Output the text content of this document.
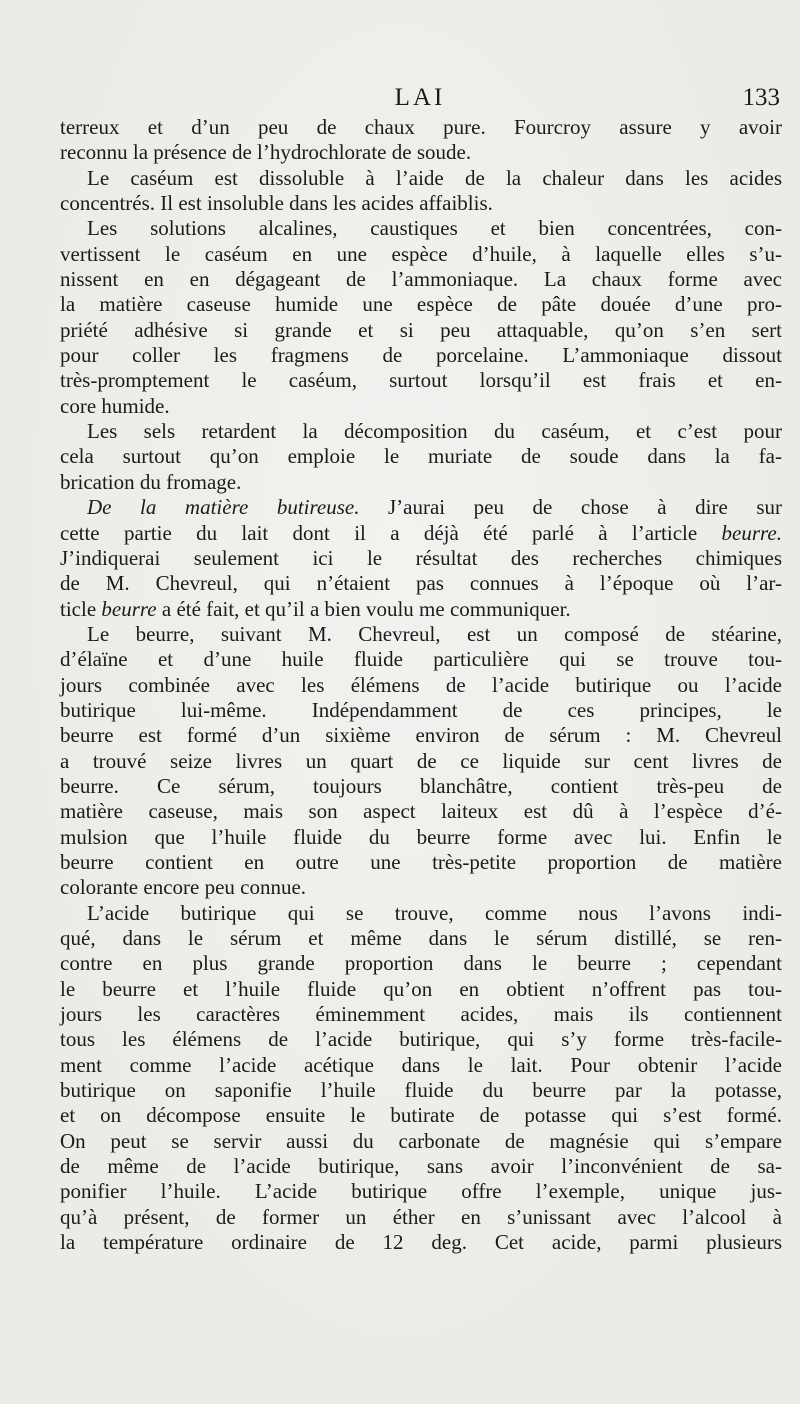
LAI	133
terreux et d’un peu de chaux pure. Fourcroy assure y avoir
reconnu la présence de l’hydrochlorate de soude.
Le caséum est dissoluble à l’aide de la chaleur dans les acides
concentrés. Il est insoluble dans les acides affaiblis.
Les solutions alcalines, caustiques et bien concentrées, con-
vertissent le caséum en une espèce d’huile, à laquelle elles s’u-
nissent en en dégageant de l’ammoniaque. La chaux forme avec
la matière caseuse humide une espèce de pâte douée d’une pro-
priété adhésive si grande et si peu attaquable, qu’on s’en sert
pour coller les fragmens de porcelaine. L’ammoniaque dissout
très-promptement le caséum, surtout lorsqu’il est frais et en-
core humide.
Les sels retardent la décomposition du caséum, et c’est pour
cela surtout qu’on emploie le muriate de soude dans la fa-
brication du fromage.
De la matière butireuse. J’aurai peu de chose à dire sur
cette partie du lait dont il a déjà été parlé à l’article beurre.
J’indiquerai seulement ici le résultat des recherches chimiques
de M. Chevreul, qui n’étaient pas connues à l’époque où l’ar-
ticle beurre a été fait, et qu’il a bien voulu me communiquer.
Le beurre, suivant M. Chevreul, est un composé de stéarine,
d’élaïne et d’une huile fluide particulière qui se trouve tou-
jours combinée avec les élémens de l’acide butirique ou l’acide
butirique lui-même. Indépendamment de ces principes, le
beurre est formé d’un sixième environ de sérum : M. Chevreul
a trouvé seize livres un quart de ce liquide sur cent livres de
beurre. Ce sérum, toujours blanchâtre, contient très-peu de
matière caseuse, mais son aspect laiteux est dû à l’espèce d’é-
mulsion que l’huile fluide du beurre forme avec lui. Enfin le
beurre contient en outre une très-petite proportion de matière
colorante encore peu connue.
L’acide butirique qui se trouve, comme nous l’avons indi-
qué, dans le sérum et même dans le sérum distillé, se ren-
contre en plus grande proportion dans le beurre ; cependant
le beurre et l’huile fluide qu’on en obtient n’offrent pas tou-
jours les caractères éminemment acides, mais ils contiennent
tous les élémens de l’acide butirique, qui s’y forme très-facile-
ment comme l’acide acétique dans le lait. Pour obtenir l’acide
butirique on saponifie l’huile fluide du beurre par la potasse,
et on décompose ensuite le butirate de potasse qui s’est formé.
On peut se servir aussi du carbonate de magnésie qui s’empare
de même de l’acide butirique, sans avoir l’inconvénient de sa-
ponifier l’huile. L’acide butirique offre l’exemple, unique jus-
qu’à présent, de former un éther en s’unissant avec l’alcool à
la température ordinaire de 12 deg. Cet acide, parmi plusieurs
